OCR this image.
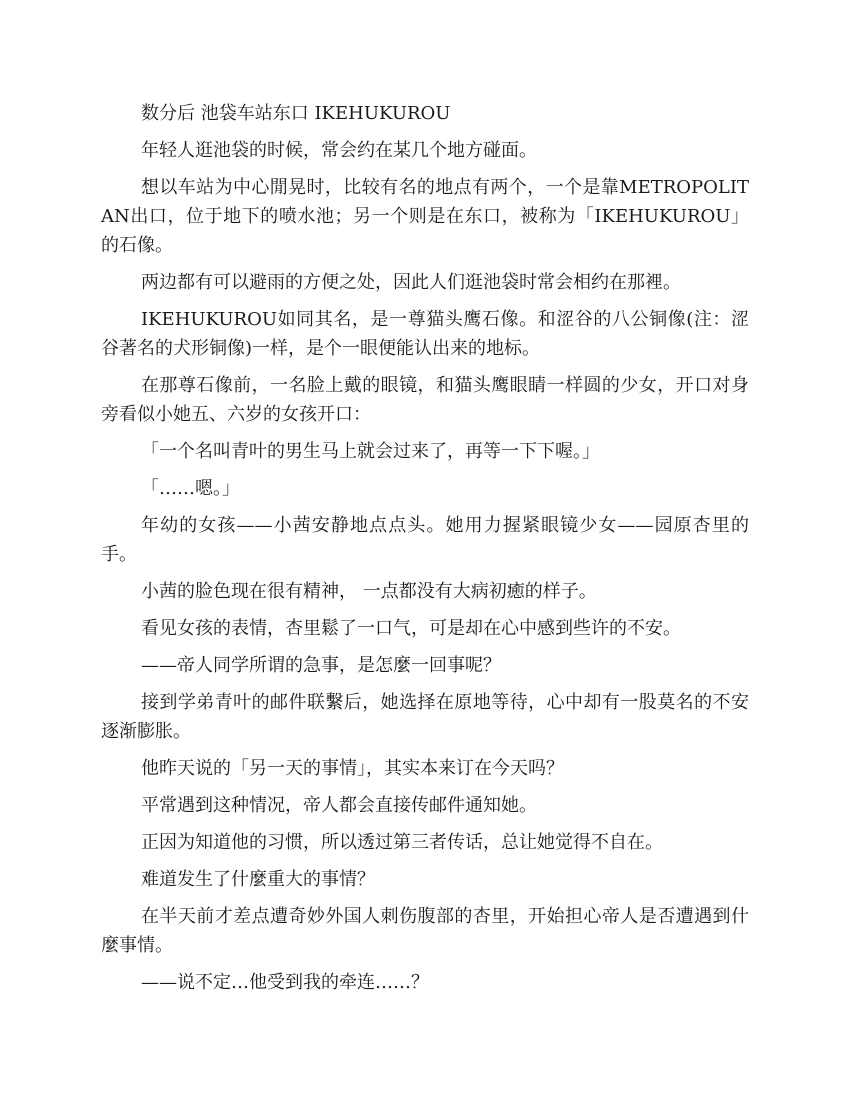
数分后 池袋车站东口 IKEHUKUROU

年轻人逛池袋的时候，常会约在某几个地方碰面。

想以车站为中心閒晃时，比较有名的地点有两个，一个是靠METROPOLITAN出口，位于地下的喷水池；另一个则是在东口，被称为「IKEHUKUROU」的石像。

两边都有可以避雨的方便之处，因此人们逛池袋时常会相约在那裡。

IKEHUKUROU如同其名，是一尊猫头鹰石像。和涩谷的八公铜像(注：涩谷著名的犬形铜像)一样，是个一眼便能认出来的地标。

在那尊石像前，一名脸上戴的眼镜，和猫头鹰眼睛一样圆的少女，开口对身旁看似小她五、六岁的女孩开口：

「一个名叫青叶的男生马上就会过来了，再等一下下喔。」

「……嗯。」

年幼的女孩——小茜安静地点点头。她用力握紧眼镜少女——园原杏里的手。

小茜的脸色现在很有精神， 一点都没有大病初癒的样子。

看见女孩的表情，杏里鬆了一口气，可是却在心中感到些许的不安。

——帝人同学所谓的急事，是怎麼一回事呢？

接到学弟青叶的邮件联繫后，她选择在原地等待，心中却有一股莫名的不安逐渐膨胀。

他昨天说的「另一天的事情」，其实本来订在今天吗？

平常遇到这种情况，帝人都会直接传邮件通知她。

正因为知道他的习惯，所以透过第三者传话，总让她觉得不自在。

难道发生了什麼重大的事情？

在半天前才差点遭奇妙外国人刺伤腹部的杏里，开始担心帝人是否遭遇到什麼事情。

——说不定…他受到我的牵连……？
